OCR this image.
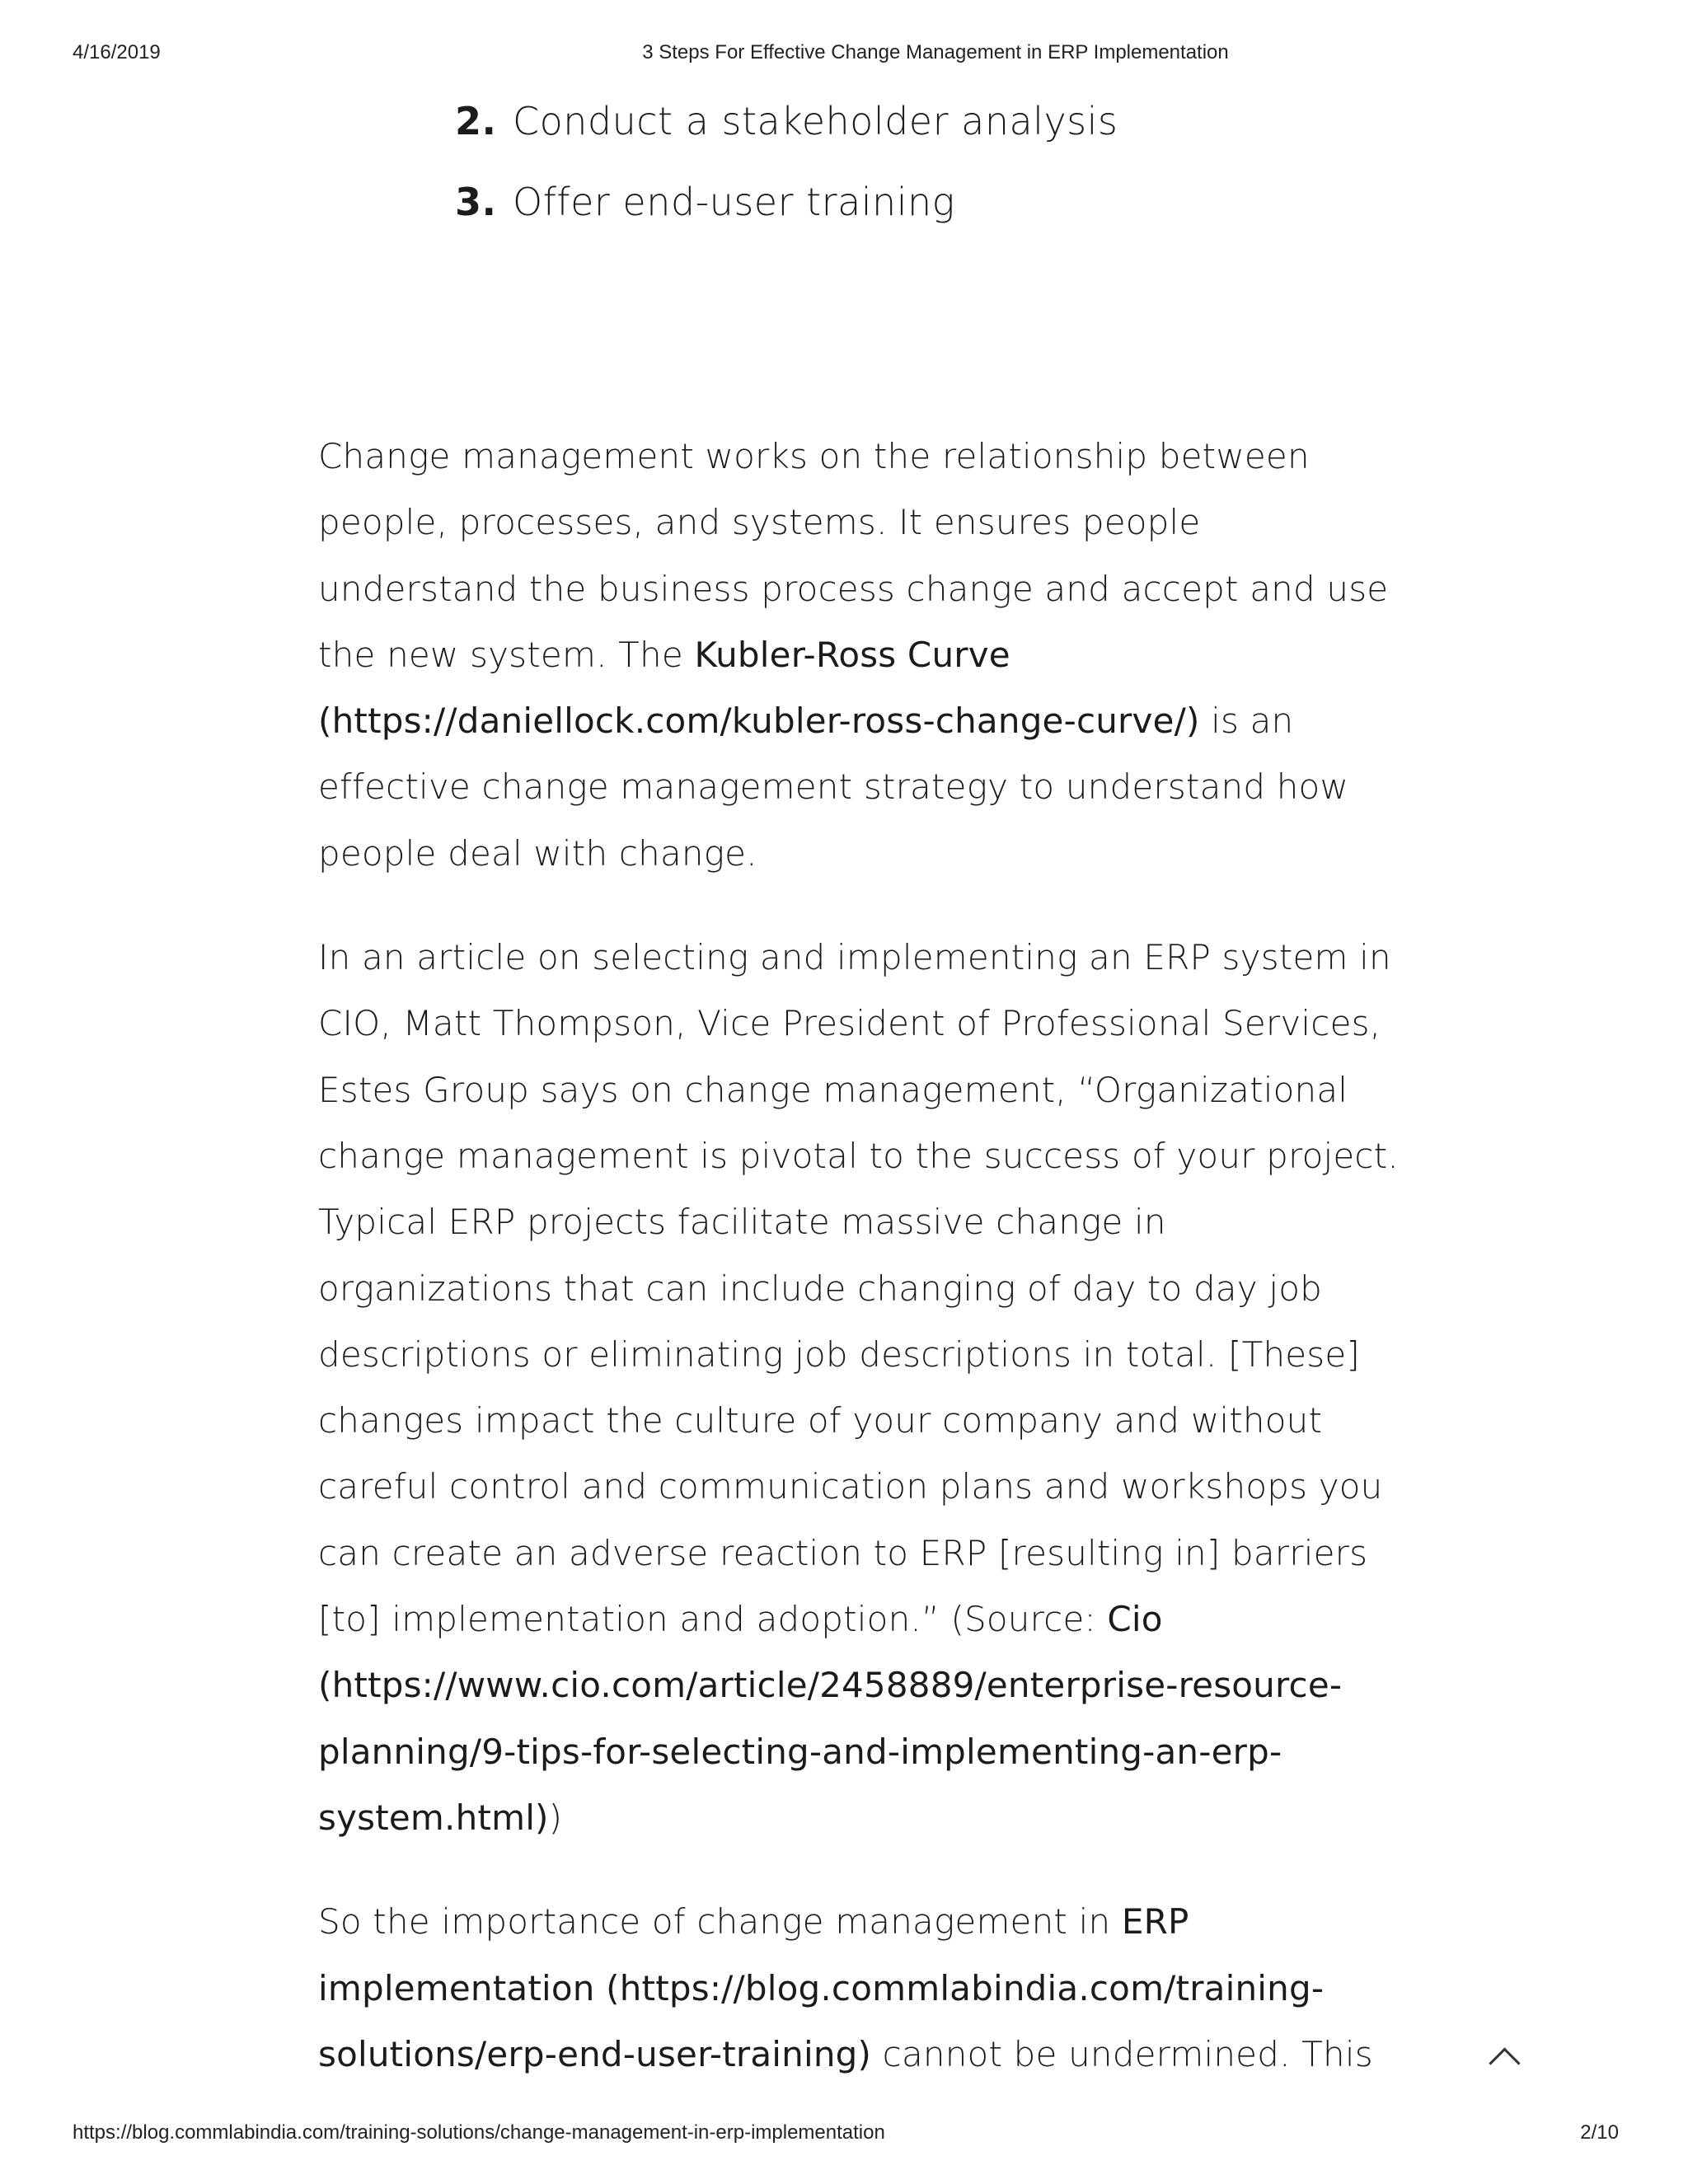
4/16/2019	3 Steps For Effective Change Management in ERP Implementation
2. Conduct a stakeholder analysis
3. Offer end-user training

Change management works on the relationship between people, processes, and systems. It ensures people understand the business process change and accept and use the new system. The Kubler-Ross Curve (https://daniellock.com/kubler-ross-change-curve/) is an effective change management strategy to understand how people deal with change.

In an article on selecting and implementing an ERP system in CIO, Matt Thompson, Vice President of Professional Services, Estes Group says on change management, “Organizational change management is pivotal to the success of your project. Typical ERP projects facilitate massive change in organizations that can include changing of day to day job descriptions or eliminating job descriptions in total. [These] changes impact the culture of your company and without careful control and communication plans and workshops you can create an adverse reaction to ERP [resulting in] barriers [to] implementation and adoption.” (Source: Cio (https://www.cio.com/article/2458889/enterprise-resource-planning/9-tips-for-selecting-and-implementing-an-erp-system.html))

So the importance of change management in ERP implementation (https://blog.commlabindia.com/training-solutions/erp-end-user-training) cannot be undermined. This

https://blog.commlabindia.com/training-solutions/change-management-in-erp-implementation	2/10
